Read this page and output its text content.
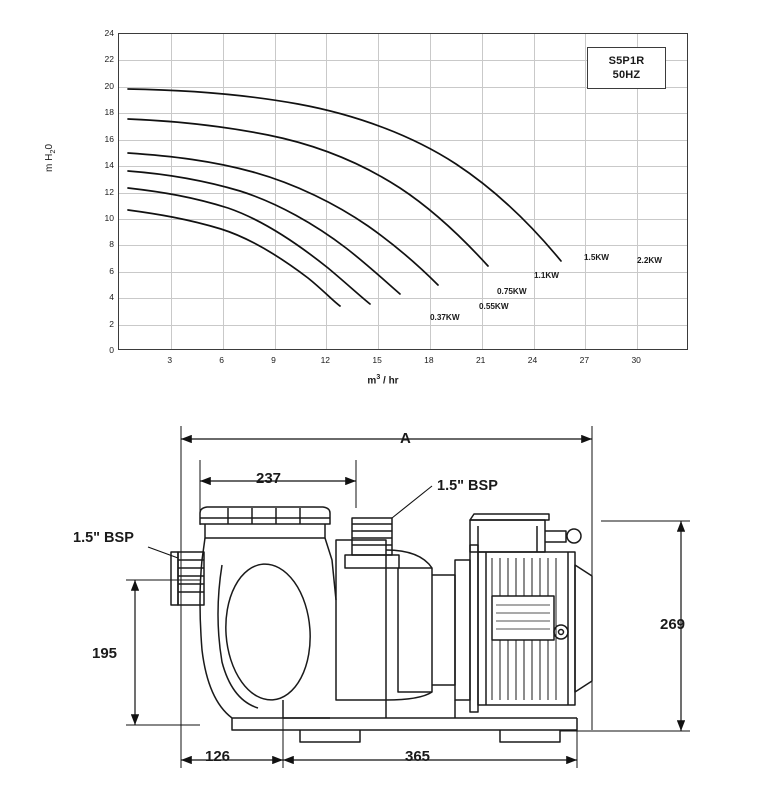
0
2
4
6
8
10
12
14
16
18
20
22
24
3	6	9	12	15	18	21	24	27	30
m $H_20$
$m^3$ / hr
S5P1R
50HZ
0.37KW
0.55KW
0.75KW
1.1KW
1.5KW	2.2KW
A
237
269
195
126	365
1.5" BSP
1.5" BSP
